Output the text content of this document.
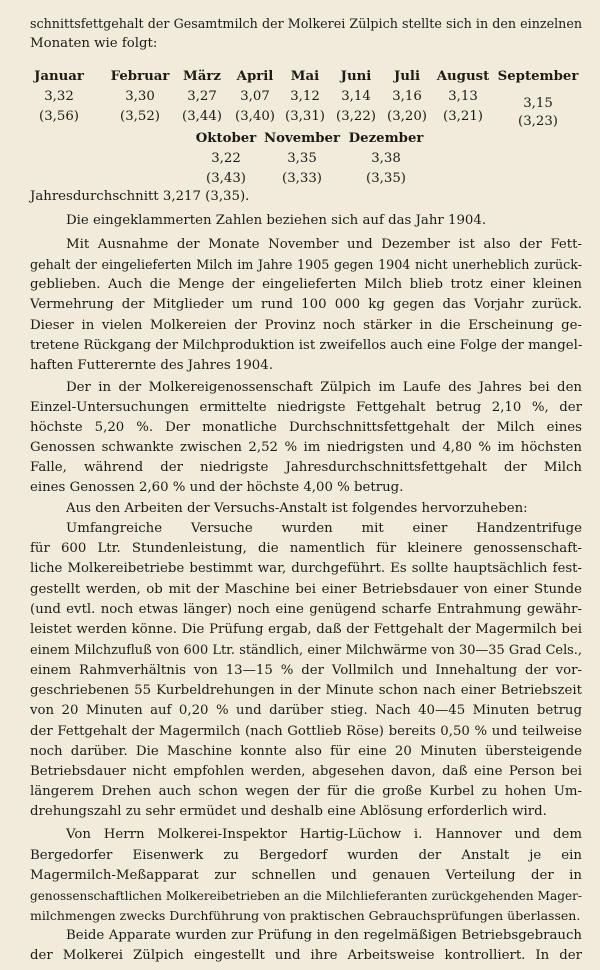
schnittsfettgehalt der Gesamtmilch der Molkerei Zülpich stellte sich in den einzelnen
Monaten wie folgt:
Januar	Februar	März	April	Mai	Juni	Juli	August September
3,32	3,30	3,27	3,07	3,12	3,14	3,16	3,13	3,15
(3,56)	(3,52)	(3,44) (3,40) (3,31) (3,22) (3,20)	(3,21)	(3,23)
Oktober November Dezember
3,22	3,35	3,38
(3,43)	(3,33)	(3,35)
Jahresdurchschnitt 3,217 (3,35).
Die eingeklammerten Zahlen beziehen sich auf das Jahr 1904.
Mit Ausnahme der Monate November und Dezember ist also der Fett-
gehalt der eingelieferten Milch im Jahre 1905 gegen 1904 nicht unerheblich zurück-
geblieben. Auch die Menge der eingelieferten Milch blieb trotz einer kleinen
Vermehrung der Mitglieder um rund 100 000 kg gegen das Vorjahr zurück.
Dieser in vielen Molkereien der Provinz noch stärker in die Erscheinung ge-
tretene Rückgang der Milchproduktion ist zweifellos auch eine Folge der mangel-
haften Futterernte des Jahres 1904.
Der in der Molkereigenossenschaft Zülpich im Laufe des Jahres bei den
Einzel-Untersuchungen ermittelte niedrigste Fettgehalt betrug 2,10 %, der
höchste 5,20 %. Der monatliche Durchschnittsfettgehalt der Milch eines
Genossen schwankte zwischen 2,52 % im niedrigsten und 4,80 % im höchsten
Falle, während der niedrigste Jahresdurchschnittsfettgehalt der Milch
eines Genossen 2,60 % und der höchste 4,00 % betrug.
Aus den Arbeiten der Versuchs-Anstalt ist folgendes hervorzuheben:
Umfangreiche Versuche wurden mit einer Handzentrifuge
für 600 Ltr. Stundenleistung, die namentlich für kleinere genossenschaft-
liche Molkereibetriebe bestimmt war, durchgeführt. Es sollte hauptsächlich fest-
gestellt werden, ob mit der Maschine bei einer Betriebsdauer von einer Stunde
(und evtl. noch etwas länger) noch eine genügend scharfe Entrahmung gewähr-
leistet werden könne. Die Prüfung ergab, daß der Fettgehalt der Magermilch bei
einem Milchzufluß von 600 Ltr. ständlich, einer Milchwärme von 30—35 Grad Cels.,
einem Rahmverhältnis von 13—15 % der Vollmilch und Innehaltung der vor-
geschriebenen 55 Kurbeldrehungen in der Minute schon nach einer Betriebszeit
von 20 Minuten auf 0,20 % und darüber stieg. Nach 40—45 Minuten betrug
der Fettgehalt der Magermilch (nach Gottlieb Röse) bereits 0,50 % und teilweise
noch darüber. Die Maschine konnte also für eine 20 Minuten übersteigende
Betriebsdauer nicht empfohlen werden, abgesehen davon, daß eine Person bei
längerem Drehen auch schon wegen der für die große Kurbel zu hohen Um-
drehungszahl zu sehr ermüdet und deshalb eine Ablösung erforderlich wird.
Von Herrn Molkerei-Inspektor Hartig-Lüchow i. Hannover und dem
Bergedorfer Eisenwerk zu Bergedorf wurden der Anstalt je ein
Magermilch-Meßapparat zur schnellen und genauen Verteilung der in
genossenschaftlichen Molkereibetrieben an die Milchlieferanten zurückgehenden Mager-
milchmengen zwecks Durchführung von praktischen Gebrauchsprüfungen überlassen.
Beide Apparate wurden zur Prüfung in den regelmäßigen Betriebsgebrauch
der Molkerei Zülpich eingestellt und ihre Arbeitsweise kontrolliert. In der
